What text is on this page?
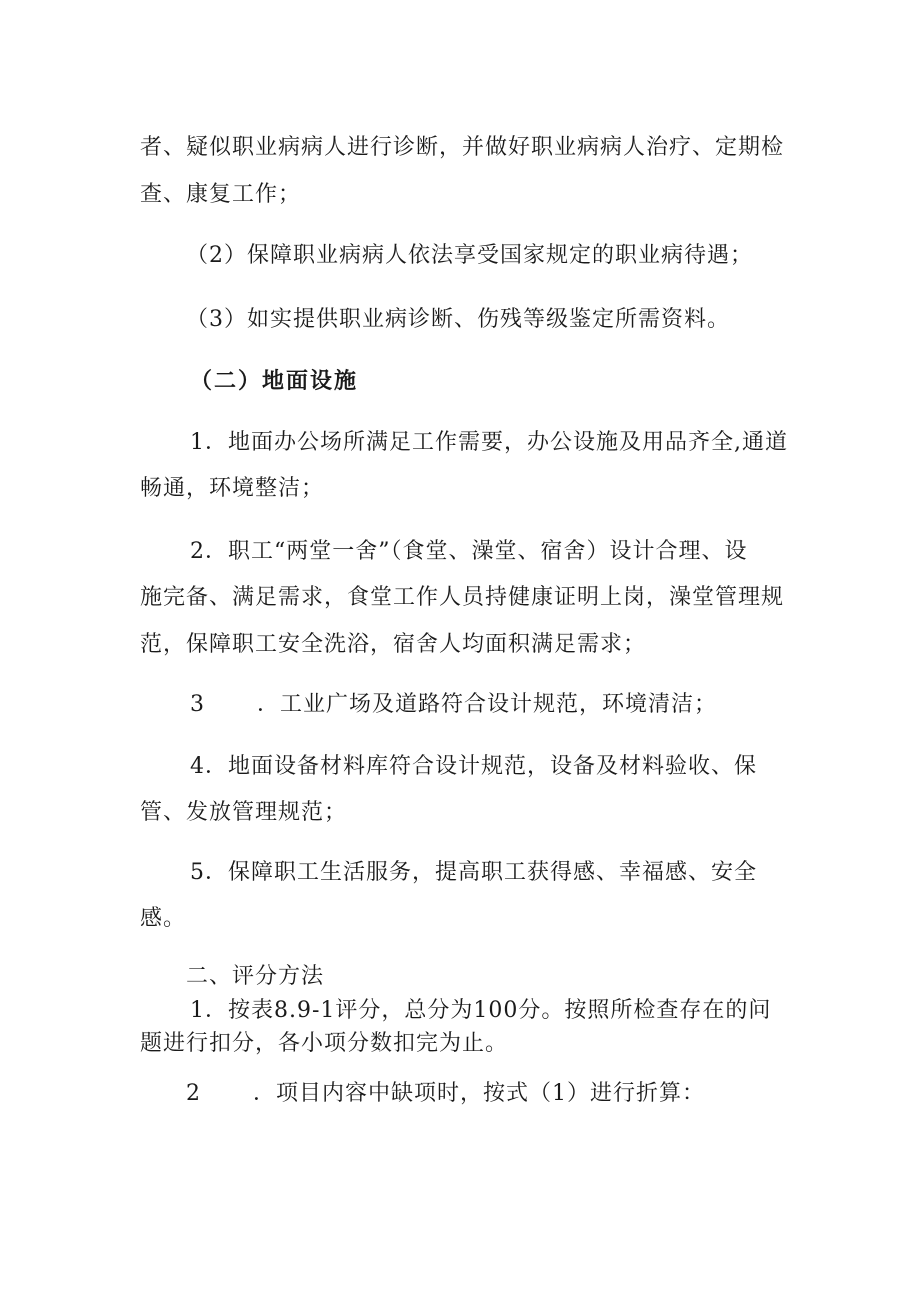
者、疑似职业病病人进行诊断，并做好职业病病人治疗、定期检
查、康复工作；
（2）保障职业病病人依法享受国家规定的职业病待遇；
（3）如实提供职业病诊断、伤残等级鉴定所需资料。
（二）地面设施
1．地面办公场所满足工作需要，办公设施及用品齐全,通道
畅通，环境整洁；
2．职工“两堂一舍”（食堂、澡堂、宿舍）设计合理、设
施完备、满足需求，食堂工作人员持健康证明上岗，澡堂管理规
范，保障职工安全洗浴，宿舍人均面积满足需求；
3 ．工业广场及道路符合设计规范，环境清洁；
4．地面设备材料库符合设计规范，设备及材料验收、保
管、发放管理规范；
5．保障职工生活服务，提高职工获得感、幸福感、安全
感。
二、评分方法
1．按表8.9-1评分，总分为100分。按照所检查存在的问
题进行扣分，各小项分数扣完为止。
2 ．项目内容中缺项时，按式（1）进行折算：
